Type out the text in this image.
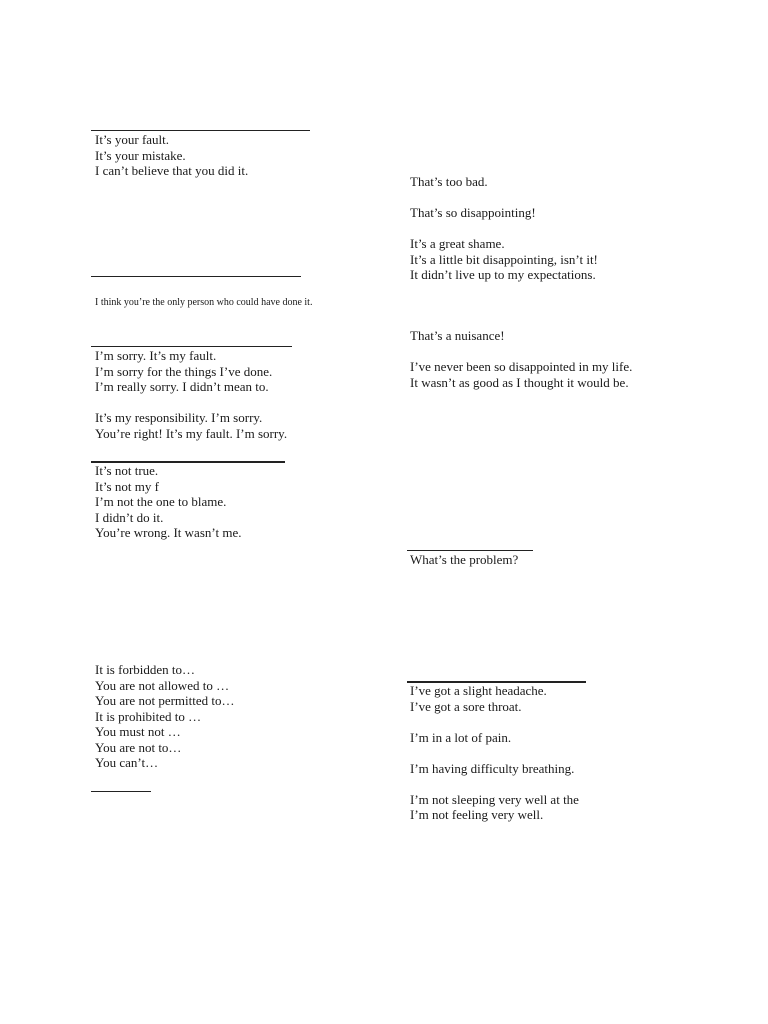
It’s your fault.
It’s your mistake.
I can’t believe that you did it.
I think you’re the only person who could have done it.
I’m sorry. It’s my fault.
I’m sorry for the things I’ve done.
I’m really sorry. I didn’t mean to.
It’s my responsibility. I’m sorry.
You’re right! It’s my fault. I’m sorry.
It’s not true.
It’s not my f
I’m not the one to blame.
I didn’t do it.
You’re wrong. It wasn’t me.
It is forbidden to…
You are not allowed to …
You are not permitted to…
It is prohibited to …
You must not …
You are not to…
You can’t…
That’s too bad.
That’s so disappointing!
It’s a great shame.
It’s a little bit disappointing, isn’t it!
It didn’t live up to my expectations.
That’s a nuisance!
I’ve never been so disappointed in my life.
It wasn’t as good as I thought it would be.
What’s the problem?
I’ve got a slight headache.
I’ve got a sore throat.
I’m in a lot of pain.
I’m having difficulty breathing.
I’m not sleeping very well at the
I’m not feeling very well.
